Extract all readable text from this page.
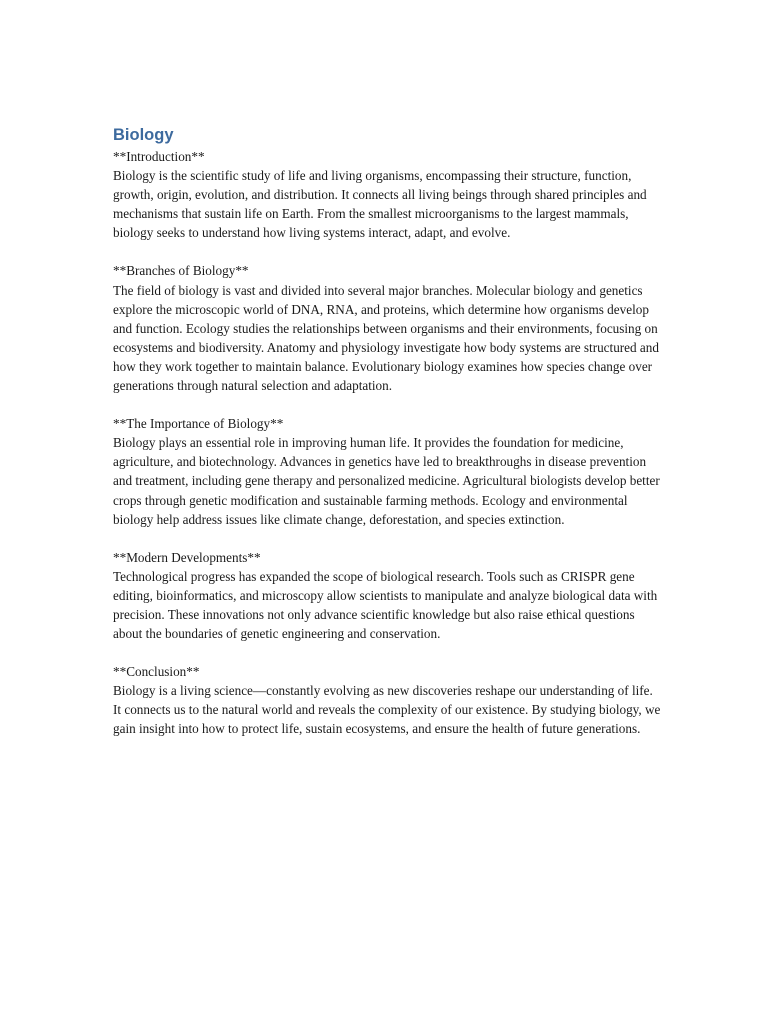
Biology

**Introduction**

Biology is the scientific study of life and living organisms, encompassing their structure, function, growth, origin, evolution, and distribution. It connects all living beings through shared principles and mechanisms that sustain life on Earth. From the smallest microorganisms to the largest mammals, biology seeks to understand how living systems interact, adapt, and evolve.

**Branches of Biology**

The field of biology is vast and divided into several major branches. Molecular biology and genetics explore the microscopic world of DNA, RNA, and proteins, which determine how organisms develop and function. Ecology studies the relationships between organisms and their environments, focusing on ecosystems and biodiversity. Anatomy and physiology investigate how body systems are structured and how they work together to maintain balance. Evolutionary biology examines how species change over generations through natural selection and adaptation.

**The Importance of Biology**

Biology plays an essential role in improving human life. It provides the foundation for medicine, agriculture, and biotechnology. Advances in genetics have led to breakthroughs in disease prevention and treatment, including gene therapy and personalized medicine. Agricultural biologists develop better crops through genetic modification and sustainable farming methods. Ecology and environmental biology help address issues like climate change, deforestation, and species extinction.

**Modern Developments**

Technological progress has expanded the scope of biological research. Tools such as CRISPR gene editing, bioinformatics, and microscopy allow scientists to manipulate and analyze biological data with precision. These innovations not only advance scientific knowledge but also raise ethical questions about the boundaries of genetic engineering and conservation.

**Conclusion**

Biology is a living science—constantly evolving as new discoveries reshape our understanding of life. It connects us to the natural world and reveals the complexity of our existence. By studying biology, we gain insight into how to protect life, sustain ecosystems, and ensure the health of future generations.
